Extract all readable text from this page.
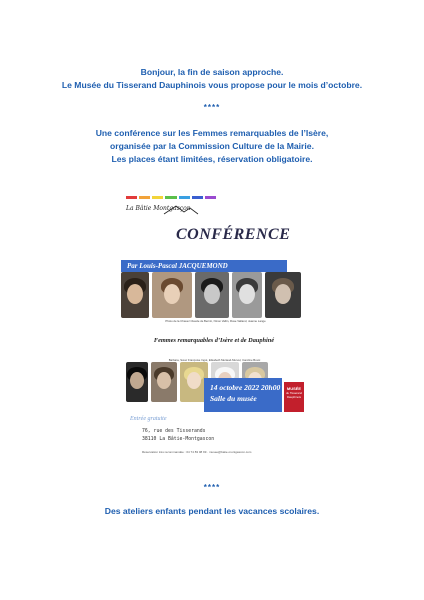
Bonjour, la fin de saison approche.
Le Musée du Tisserand Dauphinois vous propose pour le mois d’octobre.
****
Une conférence sur les Femmes remarquables de l’Isère,
organisée par la Commission Culture de la Mairie.
Les places étant limitées, réservation obligatoire.
La Bâtie Montgasçon
CONFÉRENCE
Par Louis-Pascal JACQUEMOND
Photo de la Chavez Claude de Bernin, Ninon Vallin, Rose Valland, Jeanne Lange
Femmes remarquables d’Isère et de Dauphiné
Barbara, Sœur Françoise Ingot, Elisabeth Meriaud-Murvel, Caroline Bouic
14 octobre 2022 20h00
Salle du musée
MUSÉE
du Tisserand Dauphinois
Entrée gratuite
76, rue des Tisserands
38110 La Bâtie-Montgascon
Réservation très recommandée : 04 74 83 08 99 · musee@batie-montgascon.com
****
Des ateliers enfants pendant les vacances scolaires.
